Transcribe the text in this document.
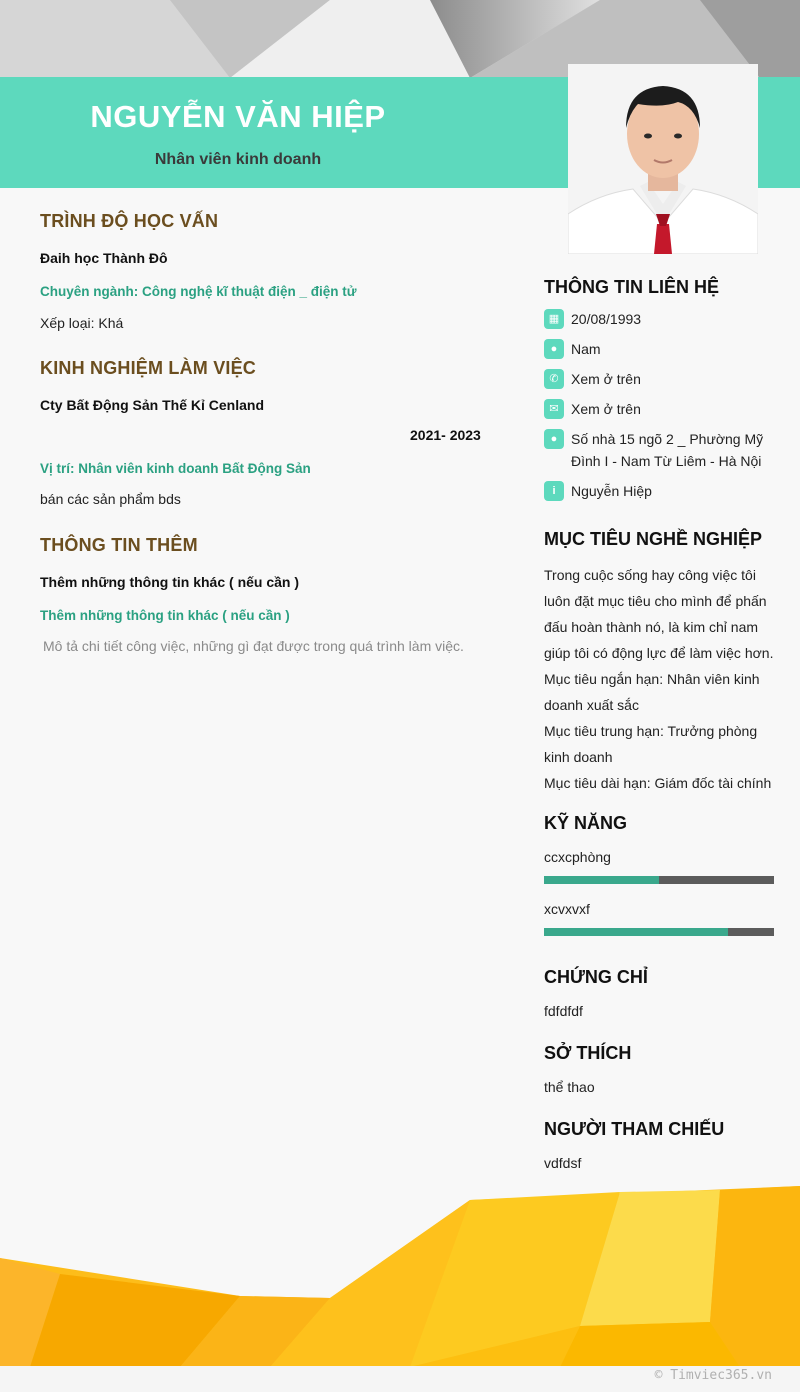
NGUYỄN VĂN HIỆP
Nhân viên kinh doanh
TRÌNH ĐỘ HỌC VẤN
Đaih học Thành Đô
Chuyên ngành: Công nghệ kĩ thuật điện _ điện tử
Xếp loại: Khá
KINH NGHIỆM LÀM VIỆC
Cty Bất Động Sản Thế Kỉ Cenland
2021- 2023
Vị trí: Nhân viên kinh doanh Bất Động Sản
bán các sản phẩm bds
THÔNG TIN THÊM
Thêm những thông tin khác ( nếu cần )
Thêm những thông tin khác ( nếu cần )
Mô tả chi tiết công việc, những gì đạt được trong quá trình làm việc.
THÔNG TIN LIÊN HỆ
▦ 20/08/1993
● Nam
✆ Xem ở trên
✉ Xem ở trên
● Số nhà 15 ngõ 2 _ Phường Mỹ Đình I - Nam Từ Liêm - Hà Nội
i	Nguyễn Hiệp
MỤC TIÊU NGHỀ NGHIỆP

Trong cuộc sống hay công việc tôi luôn đặt mục tiêu cho mình để phấn đấu hoàn thành nó, là kim chỉ nam giúp tôi có động lực để làm việc hơn.

Mục tiêu ngắn hạn: Nhân viên kinh doanh xuất sắc

Mục tiêu trung hạn: Trưởng phòng kinh doanh

Mục tiêu dài hạn: Giám đốc tài chính

KỸ NĂNG
ccxcphòng
xcvxvxf
CHỨNG CHỈ
fdfdfdf
SỞ THÍCH
thể thao
NGƯỜI THAM CHIẾU
vdfdsf
© Timviec365.vn
